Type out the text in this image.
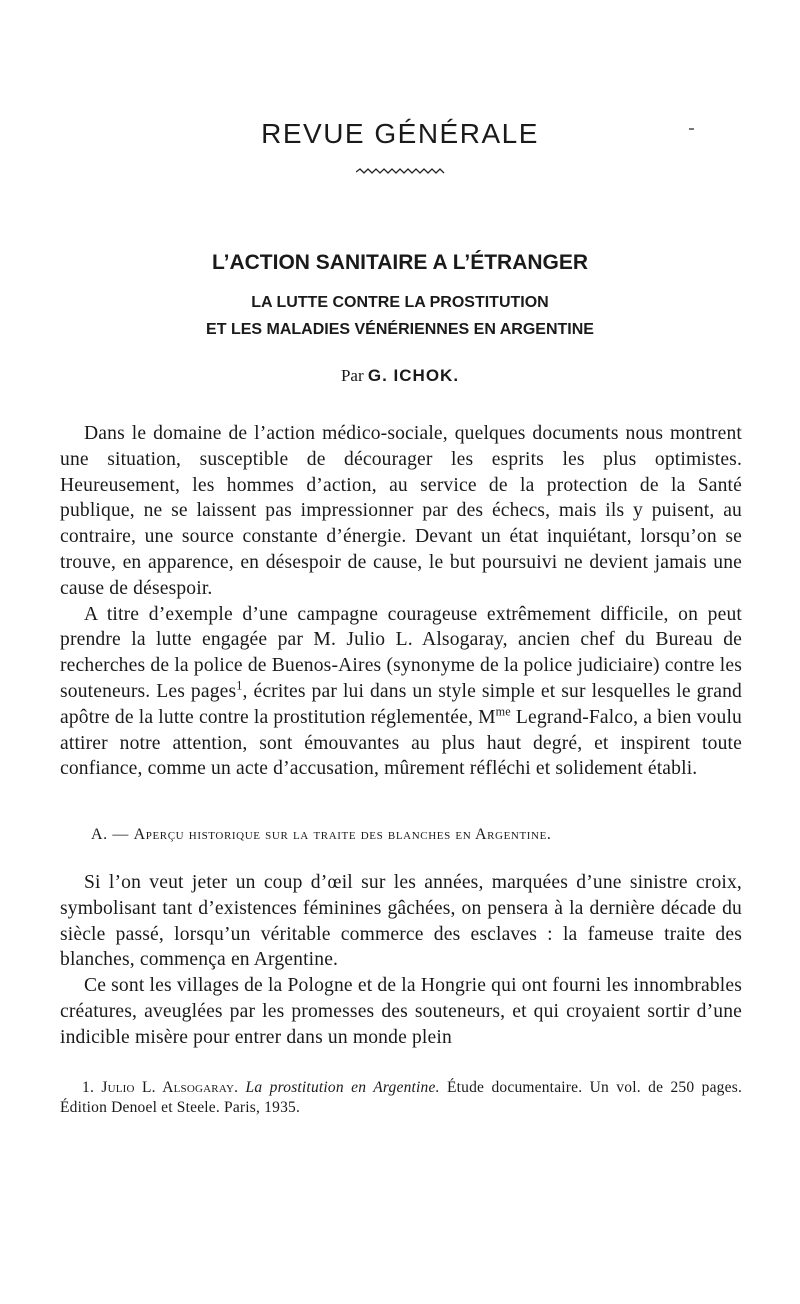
REVUE GÉNÉRALE
L’ACTION SANITAIRE A L’ÉTRANGER
LA LUTTE CONTRE LA PROSTITUTION
ET LES MALADIES VÉNÉRIENNES EN ARGENTINE
Par G. ICHOK.

Dans le domaine de l’action médico-sociale, quelques documents nous montrent une situation, susceptible de décourager les esprits les plus optimistes. Heureusement, les hommes d’action, au service de la protection de la Santé publique, ne se laissent pas impressionner par des échecs, mais ils y puisent, au contraire, une source constante d’énergie. Devant un état inquiétant, lorsqu’on se trouve, en apparence, en désespoir de cause, le but poursuivi ne devient jamais une cause de désespoir.

A titre d’exemple d’une campagne courageuse extrêmement difficile, on peut prendre la lutte engagée par M. Julio L. Alsogaray, ancien chef du Bureau de recherches de la police de Buenos-Aires (synonyme de la police judiciaire) contre les souteneurs. Les pages$^1$, écrites par lui dans un style simple et sur lesquelles le grand apôtre de la lutte contre la prostitution réglementée, $M^{me}$ Legrand-Falco, a bien voulu attirer notre attention, sont émouvantes au plus haut degré, et inspirent toute confiance, comme un acte d’accusation, mûrement réfléchi et solidement établi.

A. — Aperçu historique sur la traite des blanches en Argentine.

Si l’on veut jeter un coup d’œil sur les années, marquées d’une sinistre croix, symbolisant tant d’existences féminines gâchées, on pensera à la dernière décade du siècle passé, lorsqu’un véritable commerce des esclaves : la fameuse traite des blanches, commença en Argentine.

Ce sont les villages de la Pologne et de la Hongrie qui ont fourni les innombrables créatures, aveuglées par les promesses des souteneurs, et qui croyaient sortir d’une indicible misère pour entrer dans un monde plein

1. Julio L. Alsogaray. La prostitution en Argentine. Étude documentaire. Un vol. de 250 pages. Édition Denoel et Steele. Paris, 1935.
